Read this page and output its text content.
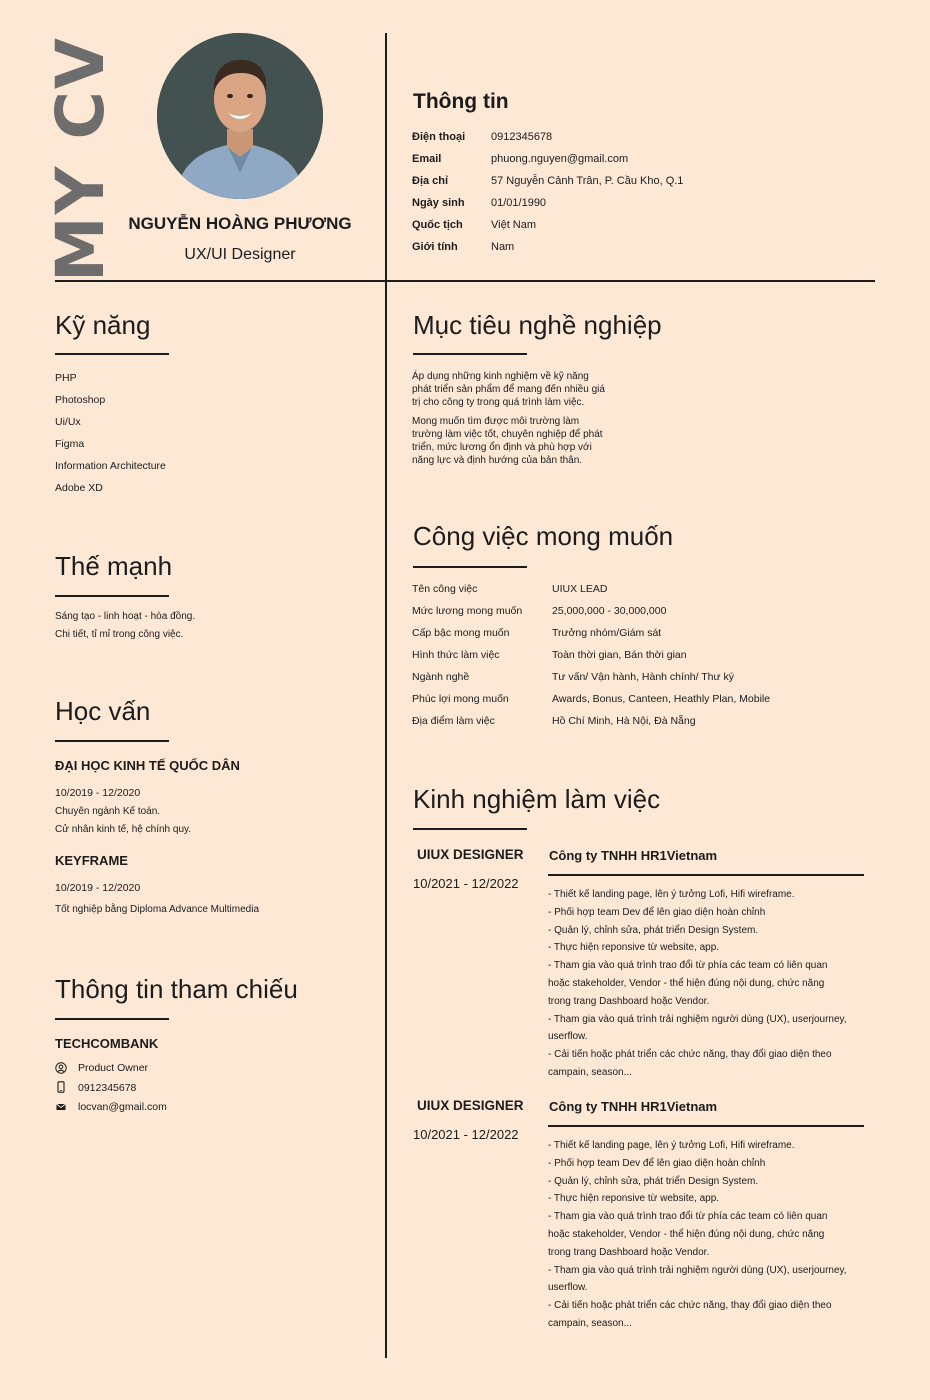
MY CV NGUYỄN HOÀNG PHƯƠNG
UX/UI Designer
Thông tin
Điện thoại 0912345678
Email	phuong.nguyen@gmail.com
Địa chỉ	57 Nguyễn Cảnh Trân, P. Cầu Kho, Q.1
Ngày sinh 01/01/1990
Quốc tịch	Việt Nam
Giới tính	Nam
Kỹ năng
PHP
Photoshop
Ui/Ux
Figma
Information Architecture
Adobe XD
Thế mạnh
Sáng tạo - linh hoạt - hòa đồng.
Chi tiết, tỉ mỉ trong công việc.
Học vấn
ĐẠI HỌC KINH TẾ QUỐC DÂN
10/2019 - 12/2020
Chuyên ngành Kế toán.
Cử nhân kinh tế, hệ chính quy.
KEYFRAME
10/2019 - 12/2020
Tốt nghiệp bằng Diploma Advance Multimedia
Thông tin tham chiếu
TECHCOMBANK
Product Owner
0912345678
locvan@gmail.com
Mục tiêu nghề nghiệp
Áp dụng những kinh nghiệm về kỹ năng
phát triển sản phẩm để mang đến nhiều giá
trị cho công ty trong quá trình làm việc.
Mong muốn tìm được môi trường làm
trường làm việc tốt, chuyên nghiệp để phát
triển, mức lương ổn định và phù hợp với
năng lực và định hướng của bản thân.
Công việc mong muốn
Tên công việc	UIUX LEAD
Mức lương mong muốn	25,000,000 - 30,000,000
Cấp bậc mong muốn	Trưởng nhóm/Giám sát
Hình thức làm việc	Toàn thời gian, Bán thời gian
Ngành nghề	Tư vấn/ Vận hành, Hành chính/ Thư ký
Phúc lợi mong muốn	Awards, Bonus, Canteen, Heathly Plan, Mobile
Địa điểm làm việc	Hồ Chí Minh, Hà Nội, Đà Nẵng
Kinh nghiệm làm việc
UIUX DESIGNER
10/2021 - 12/2022
Công ty TNHH HR1Vietnam
- Thiết kế landing page, lên ý tưởng Lofi, Hifi wireframe.
- Phối hợp team Dev để lên giao diện hoàn chỉnh
- Quản lý, chỉnh sửa, phát triển Design System.
- Thực hiện reponsive từ website, app.
- Tham gia vào quá trình trao đổi từ phía các team có liên quan
hoặc stakeholder, Vendor - thể hiện đúng nội dung, chức năng
trong trang Dashboard hoặc Vendor.
- Tham gia vào quá trình trải nghiệm người dùng (UX), userjourney,
userflow.
- Cải tiến hoặc phát triển các chức năng, thay đổi giao diện theo
campain, season...
UIUX DESIGNER
10/2021 - 12/2022
Công ty TNHH HR1Vietnam
- Thiết kế landing page, lên ý tưởng Lofi, Hifi wireframe.
- Phối hợp team Dev để lên giao diện hoàn chỉnh
- Quản lý, chỉnh sửa, phát triển Design System.
- Thực hiện reponsive từ website, app.
- Tham gia vào quá trình trao đổi từ phía các team có liên quan
hoặc stakeholder, Vendor - thể hiện đúng nội dung, chức năng
trong trang Dashboard hoặc Vendor.
- Tham gia vào quá trình trải nghiệm người dùng (UX), userjourney,
userflow.
- Cải tiến hoặc phát triển các chức năng, thay đổi giao diện theo
campain, season...
